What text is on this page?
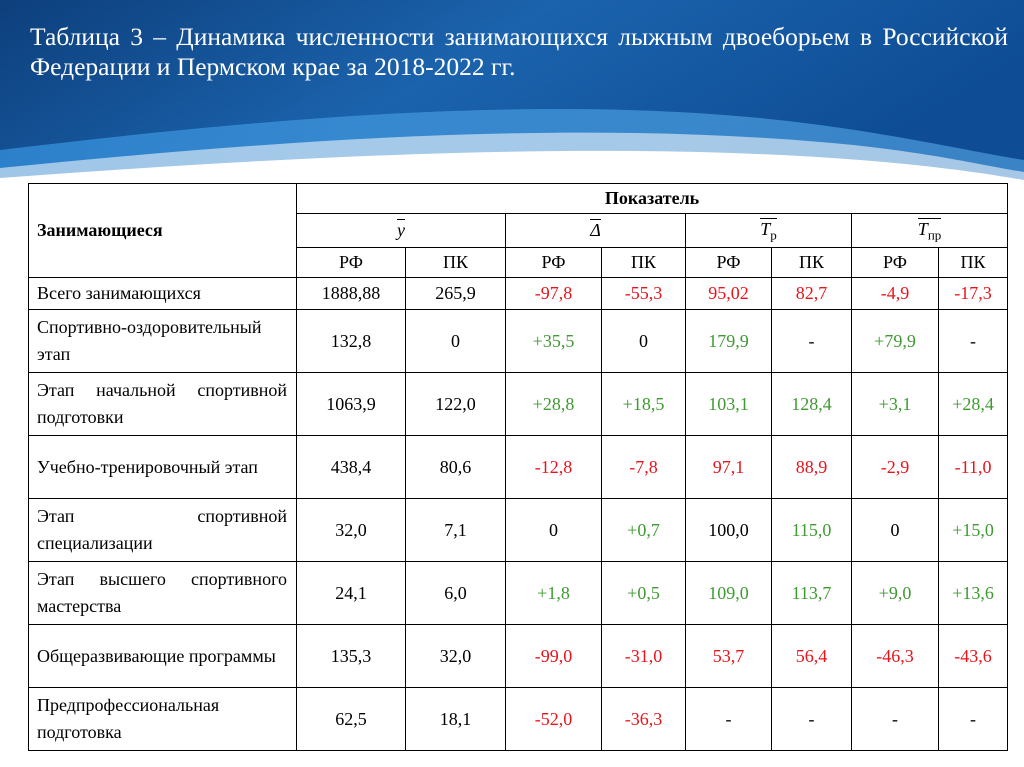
Таблица 3 – Динамика численности занимающихся лыжным двоеборьем в Российской Федерации и Пермском крае за 2018-2022 гг.
Занимающиеся	Показатель							
	y		Δ		$T_р$		$T_{пр}$
	РФ	ПК	РФ	ПК	РФ	ПК	РФ	ПК
Всего занимающихся	1888,88	265,9	-97,8	-55,3	95,02	82,7	-4,9	-17,3
Спортивно-оздоровительный этап	132,8	0	+35,5	0	179,9	-	+79,9	-
Этап начальной спортивной подготовки	1063,9	122,0	+28,8	+18,5	103,1	128,4	+3,1	+28,4
Учебно-тренировочный этап	438,4	80,6	-12,8	-7,8	97,1	88,9	-2,9	-11,0
Этап спортивной специализации	32,0	7,1	0	+0,7	100,0	115,0	0	+15,0
Этап высшего спортивного мастерства	24,1	6,0	+1,8	+0,5	109,0	113,7	+9,0	+13,6
Общеразвивающие программы	135,3	32,0	-99,0	-31,0	53,7	56,4	-46,3	-43,6
Предпрофессиональная подготовка	62,5	18,1	-52,0	-36,3	-	-	-	-
